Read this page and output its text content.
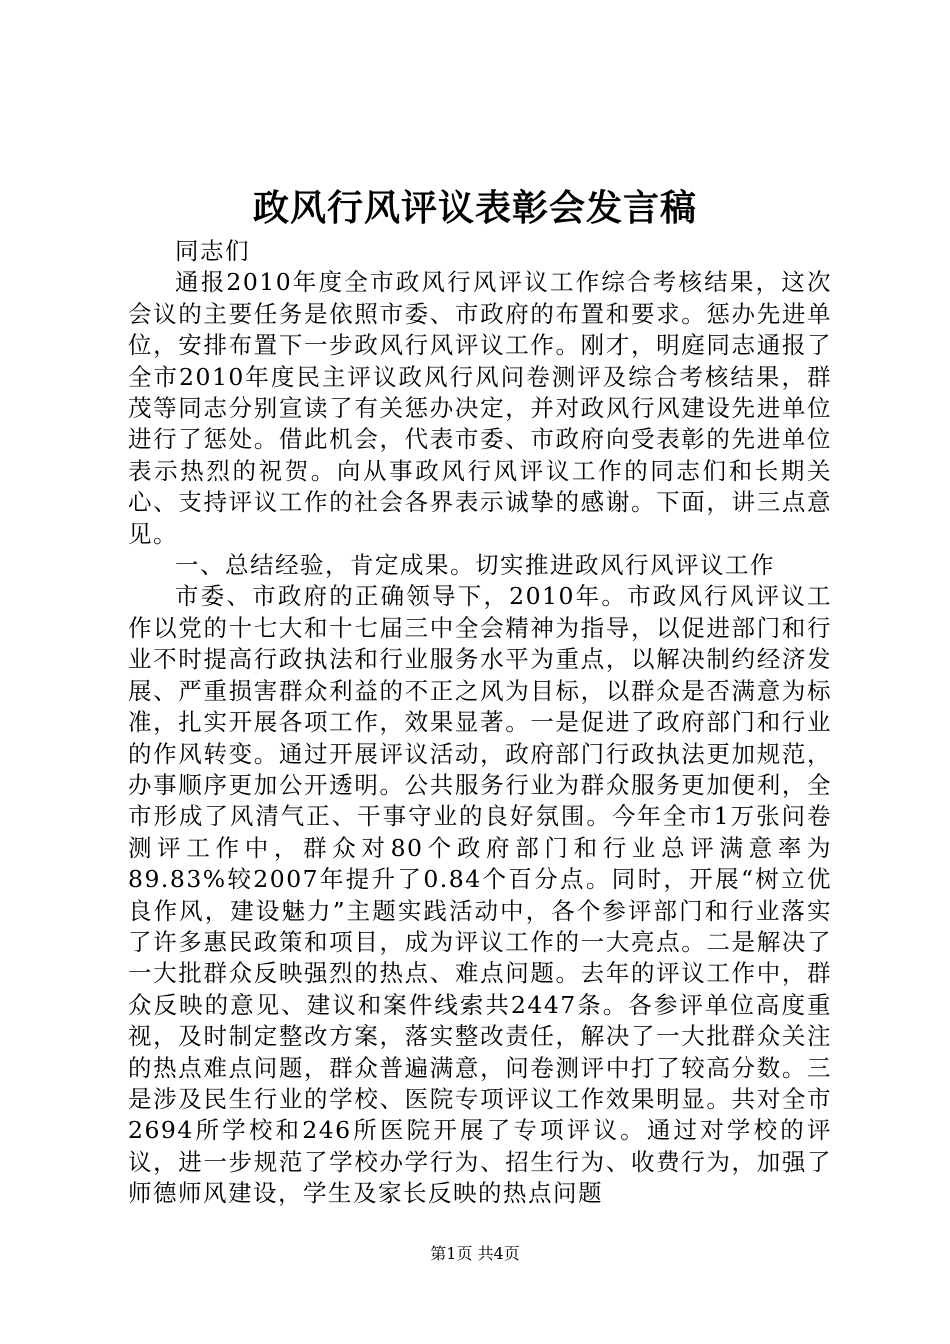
政风行风评议表彰会发言稿

同志们

通报2010年度全市政风行风评议工作综合考核结果，这次会议的主要任务是依照市委、市政府的布置和要求。惩办先进单位，安排布置下一步政风行风评议工作。刚才，明庭同志通报了全市2010年度民主评议政风行风问卷测评及综合考核结果，群茂等同志分别宣读了有关惩办决定，并对政风行风建设先进单位进行了惩处。借此机会，代表市委、市政府向受表彰的先进单位表示热烈的祝贺。向从事政风行风评议工作的同志们和长期关心、支持评议工作的社会各界表示诚挚的感谢。下面，讲三点意见。

一、总结经验，肯定成果。切实推进政风行风评议工作

市委、市政府的正确领导下，2010年。市政风行风评议工作以党的十七大和十七届三中全会精神为指导，以促进部门和行业不时提高行政执法和行业服务水平为重点，以解决制约经济发展、严重损害群众利益的不正之风为目标，以群众是否满意为标准，扎实开展各项工作，效果显著。一是促进了政府部门和行业的作风转变。通过开展评议活动，政府部门行政执法更加规范，办事顺序更加公开透明。公共服务行业为群众服务更加便利，全市形成了风清气正、干事守业的良好氛围。今年全市1万张问卷测评工作中，群众对80个政府部门和行业总评满意率为89.83%较2007年提升了0.84个百分点。同时，开展“树立优良作风，建设魅力”主题实践活动中，各个参评部门和行业落实了许多惠民政策和项目，成为评议工作的一大亮点。二是解决了一大批群众反映强烈的热点、难点问题。去年的评议工作中，群众反映的意见、建议和案件线索共2447条。各参评单位高度重视，及时制定整改方案，落实整改责任，解决了一大批群众关注的热点难点问题，群众普遍满意，问卷测评中打了较高分数。三是涉及民生行业的学校、医院专项评议工作效果明显。共对全市2694所学校和246所医院开展了专项评议。通过对学校的评议，进一步规范了学校办学行为、招生行为、收费行为，加强了师德师风建设，学生及家长反映的热点问题

第1页 共4页
